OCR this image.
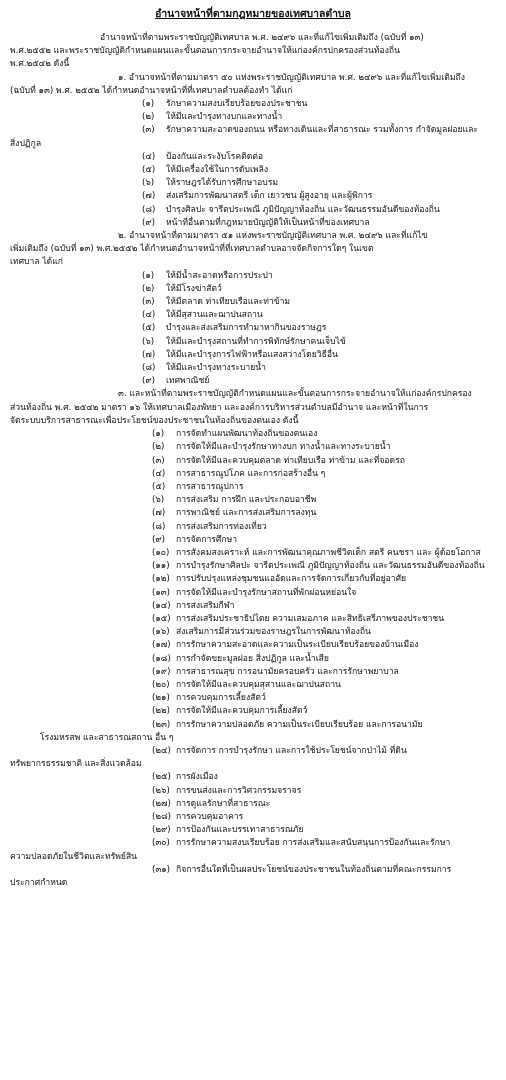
อำนาจหน้าที่ตามกฎหมายของเทศบาลตำบล

อำนาจหน้าที่ตามพระราชบัญญัติเทศบาล พ.ศ. ๒๔๙๖ และที่แก้ไขเพิ่มเติมถึง (ฉบับที่ ๑๓)

พ.ศ.๒๕๕๒ และพระราชบัญญัติกำหนดแผนและขั้นตอนการกระจายอำนาจให้แก่องค์กรปกครองส่วนท้องถิ่น

พ.ศ.๒๕๔๒ ดังนี้

๑. อำนาจหน้าที่ตามมาตรา ๕๐ แห่งพระราชบัญญัติเทศบาล พ.ศ. ๒๔๙๖ และที่แก้ไขเพิ่มเติมถึง

(ฉบับที่ ๑๓) พ.ศ. ๒๕๕๒ ได้กำหนดอำนาจหน้าที่ที่เทศบาลตำบลต้องทำ ได้แก่

(๑) รักษาความสงบเรียบร้อยของประชาชน

(๒) ให้มีและบำรุงทางบกและทางน้ำ

(๓) รักษาความสะอาดของถนน หรือทางเดินและที่สาธารณะ รวมทั้งการ กำจัดมูลฝอยและ

สิ่งปฏิกูล

(๔) ป้องกันและระงับโรคติดต่อ

(๕) ให้มีเครื่องใช้ในการดับเพลิง

(๖) ให้ราษฎรได้รับการศึกษาอบรม

(๗) ส่งเสริมการพัฒนาสตรี เด็ก เยาวชน ผู้สูงอายุ และผู้พิการ

(๘) บำรุงศิลปะ จารีตประเพณี ภูมิปัญญาท้องถิ่น และวัฒนธรรมอันดีของท้องถิ่น

(๙) หน้าที่อื่นตามที่กฎหมายบัญญัติให้เป็นหน้าที่ของเทศบาล

๒. อำนาจหน้าที่ตามมาตรา ๕๑ แห่งพระราชบัญญัติเทศบาล พ.ศ. ๒๔๙๖ และที่แก้ไข

เพิ่มเติมถึง (ฉบับที่ ๑๓) พ.ศ.๒๕๕๒ ได้กำหนดอำนาจหน้าที่ที่เทศบาลตำบลอาจจัดกิจการใดๆ ในเขต

เทศบาล ได้แก่

(๑) ให้มีน้ำสะอาดหรือการประปา

(๒) ให้มีโรงฆ่าสัตว์

(๓) ให้มีตลาด ท่าเทียบเรือและท่าข้าม

(๔) ให้มีสุสานและฌาปนสถาน

(๕) บำรุงและส่งเสริมการทำมาหากินของราษฎร

(๖) ให้มีและบำรุงสถานที่ทำการพิทักษ์รักษาคนเจ็บไข้

(๗) ให้มีและบำรุงการไฟฟ้าหรือแสงสว่างโดยวิธีอื่น

(๘) ให้มีและบำรุงทางระบายน้ำ

(๙) เทศพาณิชย์

๓. และหน้าที่ตามพระราชบัญญัติกำหนดแผนและขั้นตอนการกระจายอำนาจให้แก่องค์กรปกครอง

ส่วนท้องถิ่น พ.ศ. ๒๕๔๒ มาตรา ๑๖ ให้เทศบาลเมืองพัทยา และองค์การบริหารส่วนตำบลมีอำนาจ และหน้าที่ในการ

จัดระบบบริการสาธารณะเพื่อประโยชน์ของประชาชนในท้องถิ่นของตนเอง ดังนี้

(๑) การจัดทำแผนพัฒนาท้องถิ่นของตนเอง

(๒) การจัดให้มีและบำรุงรักษาทางบก ทางน้ำและทางระบายน้ำ

(๓) การจัดให้มีและควบคุมตลาด ท่าเทียบเรือ ท่าข้าม และที่จอดรถ

(๔) การสาธารณูปโภค และการก่อสร้างอื่น ๆ

(๕) การสาธารณูปการ

(๖) การส่งเสริม การฝึก และประกอบอาชีพ

(๗) การพาณิชย์ และการส่งเสริมการลงทุน

(๘) การส่งเสริมการท่องเที่ยว

(๙) การจัดการศึกษา

(๑๐) การสังคมสงเคราะห์ และการพัฒนาคุณภาพชีวิตเด็ก สตรี คนชรา และ ผู้ด้อยโอกาส

(๑๑) การบำรุงรักษาศิลปะ จารีตประเพณี ภูมิปัญญาท้องถิ่น และวัฒนธรรมอันดีของท้องถิ่น

(๑๒) การปรับปรุงแหล่งชุมชนแออัดและการจัดการเกี่ยวกับที่อยู่อาศัย

(๑๓) การจัดให้มีและบำรุงรักษาสถานที่พักผ่อนหย่อนใจ

(๑๔) การส่งเสริมกีฬา

(๑๕) การส่งเสริมประชาธิปไตย ความเสมอภาค และสิทธิเสรีภาพของประชาชน

(๑๖) ส่งเสริมการมีส่วนร่วมของราษฎรในการพัฒนาท้องถิ่น

(๑๗) การรักษาความสะอาดและความเป็นระเบียบเรียบร้อยของบ้านเมือง

(๑๘) การกำจัดขยะมูลฝอย สิ่งปฏิกูล และน้ำเสีย

(๑๙) การสาธารณสุข การอนามัยครอบครัว และการรักษาพยาบาล

(๒๐) การจัดให้มีและควบคุมสุสานและฌาปนสถาน

(๒๑) การควบคุมการเลี้ยงสัตว์

(๒๒) การจัดให้มีและควบคุมการเลี้ยงสัตว์

(๒๓) การรักษาความปลอดภัย ความเป็นระเบียบเรียบร้อย และการอนามัย

โรงมหรสพ และสาธารณสถาน อื่น ๆ

(๒๔) การจัดการ การบำรุงรักษา และการใช้ประโยชน์จากป่าไม้ ที่ดิน

ทรัพยากรธรรมชาติ และสิ่งแวดล้อม

(๒๕) การผังเมือง

(๒๖) การขนส่งและการวิศวกรรมจราจร

(๒๗) การดูแลรักษาที่สาธารณะ

(๒๘) การควบคุมอาคาร

(๒๙) การป้องกันและบรรเทาสาธารณภัย

(๓๐) การรักษาความสงบเรียบร้อย การส่งเสริมและสนับสนุนการป้องกันและรักษา

ความปลอดภัยในชีวิตและทรัพย์สิน

(๓๑) กิจการอื่นใดที่เป็นผลประโยชน์ของประชาชนในท้องถิ่นตามที่คณะกรรมการ

ประกาศกำหนด
